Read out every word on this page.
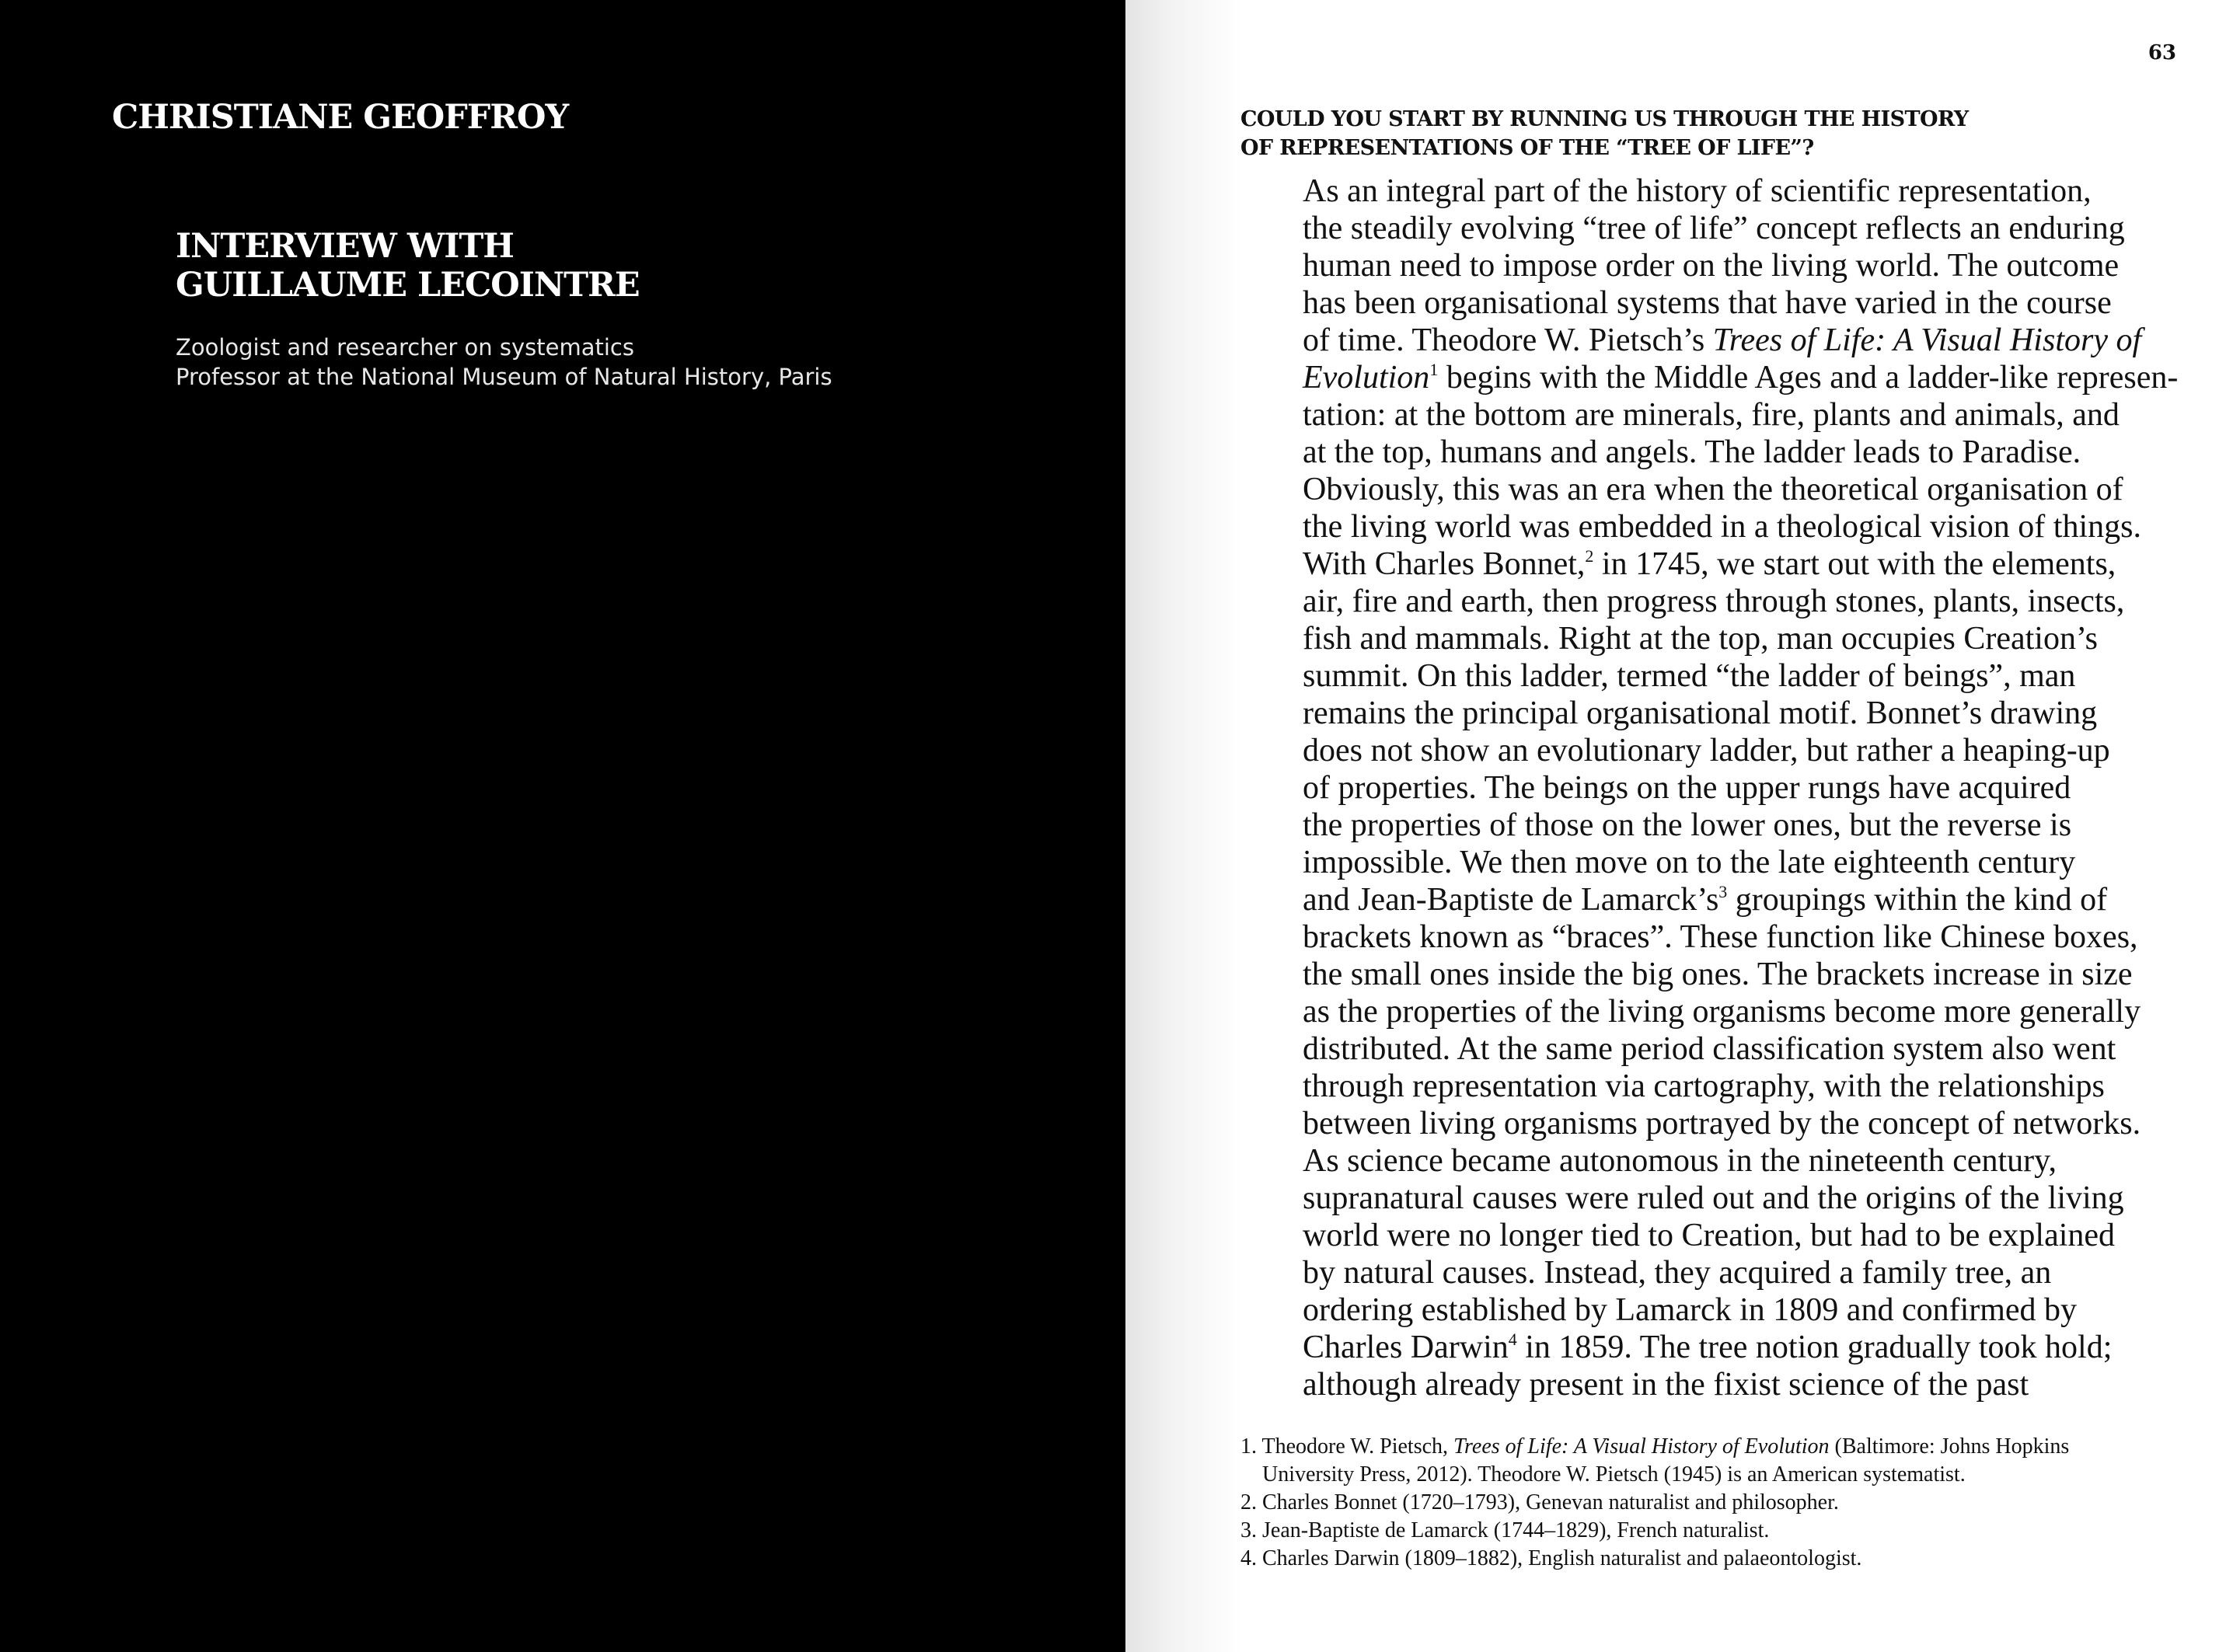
CHRISTIANE GEOFFROY
INTERVIEW WITH
GUILLAUME LECOINTRE

Zoologist and researcher on systematics
Professor at the National Museum of Natural History, Paris

63
COULD YOU START BY RUNNING US THROUGH THE HISTORY
OF REPRESENTATIONS OF THE “TREE OF LIFE”?
As an integral part of the history of scientific representation,
the steadily evolving “tree of life” concept reflects an enduring
human need to impose order on the living world. The outcome
has been organisational systems that have varied in the course
of time. Theodore W. Pietsch’s Trees of Life: A Visual History of
Evolution$^1$ begins with the Middle Ages and a ladder-like represen-
tation: at the bottom are minerals, fire, plants and animals, and
at the top, humans and angels. The ladder leads to Paradise.
Obviously, this was an era when the theoretical organisation of
the living world was embedded in a theological vision of things.
With Charles Bonnet,$^2$ in 1745, we start out with the elements,
air, fire and earth, then progress through stones, plants, insects,
fish and mammals. Right at the top, man occupies Creation’s
summit. On this ladder, termed “the ladder of beings”, man
remains the principal organisational motif. Bonnet’s drawing
does not show an evolutionary ladder, but rather a heaping-up
of properties. The beings on the upper rungs have acquired
the properties of those on the lower ones, but the reverse is
impossible. We then move on to the late eighteenth century
and Jean-Baptiste de $Lamarck’s^3$ groupings within the kind of
brackets known as “braces”. These function like Chinese boxes,
the small ones inside the big ones. The brackets increase in size
as the properties of the living organisms become more generally
distributed. At the same period classification system also went
through representation via cartography, with the relationships
between living organisms portrayed by the concept of networks.
As science became autonomous in the nineteenth century,
supranatural causes were ruled out and the origins of the living
world were no longer tied to Creation, but had to be explained
by natural causes. Instead, they acquired a family tree, an
ordering established by Lamarck in 1809 and confirmed by
Charles Darwin$^4$ in 1859. The tree notion gradually took hold;
although already present in the fixist science of the past
1. Theodore W. Pietsch, Trees of Life: A Visual History of Evolution (Baltimore: Johns Hopkins
University Press, 2012). Theodore W. Pietsch (1945) is an American systematist.
2. Charles Bonnet (1720–1793), Genevan naturalist and philosopher.
3. Jean-Baptiste de Lamarck (1744–1829), French naturalist.
4. Charles Darwin (1809–1882), English naturalist and palaeontologist.
